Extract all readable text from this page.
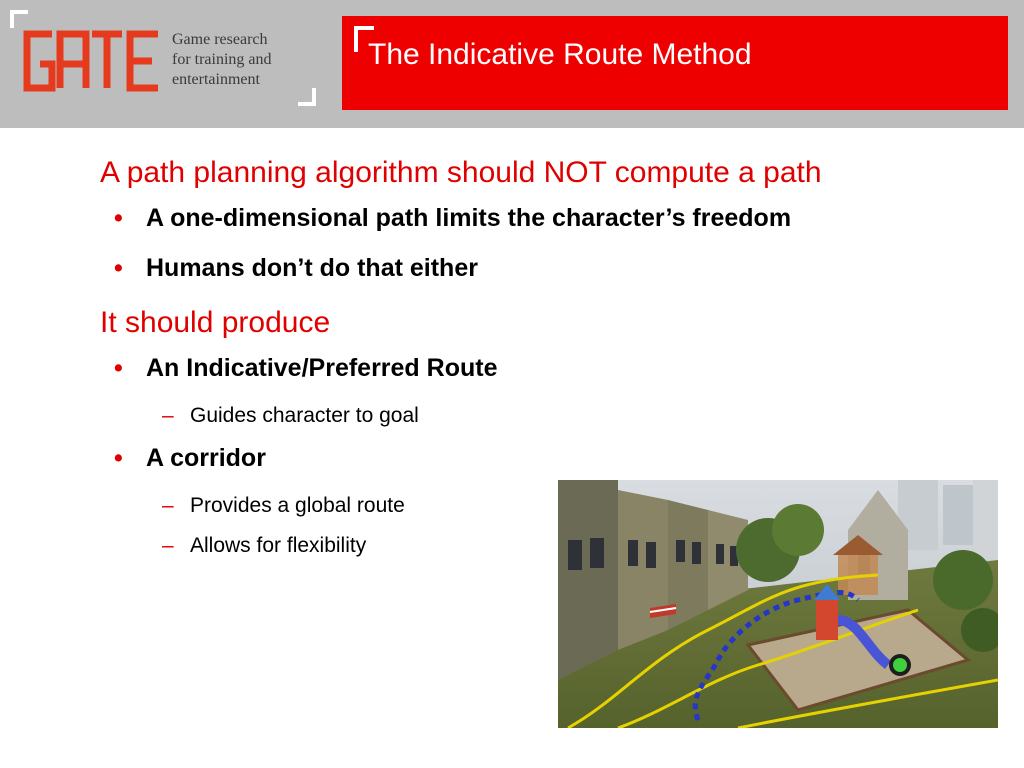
Game research
for training and
entertainment
The Indicative Route Method
A path planning algorithm should NOT compute a path
• A one-dimensional path limits the character’s freedom
• Humans don’t do that either
It should produce
• An Indicative/Preferred Route
– Guides character to goal
• A corridor
– Provides a global route
– Allows for flexibility
